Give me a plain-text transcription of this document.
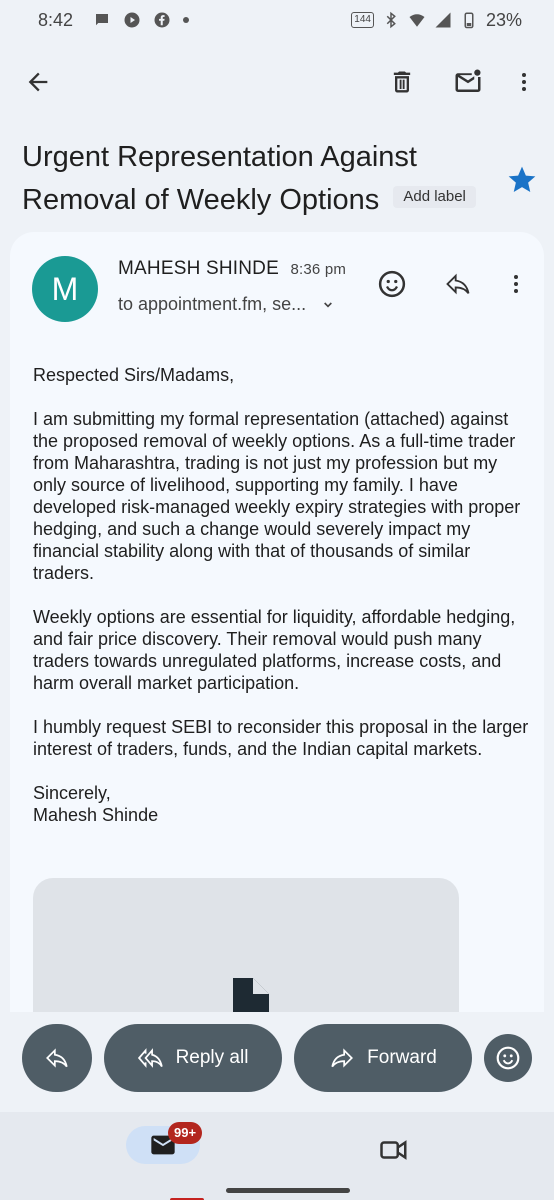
8:42	144	23%
Urgent Representation Against Removal of Weekly Options Add label
M
MAHESH SHINDE 8:36 pm
to appointment.fm, se...

Respected Sirs/Madams,

I am submitting my formal representation (attached) against the proposed removal of weekly options. As a full-time trader from Maharashtra, trading is not just my profession but my only source of livelihood, supporting my family. I have developed risk-managed weekly expiry strategies with proper hedging, and such a change would severely impact my financial stability along with that of thousands of similar traders.

Weekly options are essential for liquidity, affordable hedging, and fair price discovery. Their removal would push many traders towards unregulated platforms, increase costs, and harm overall market participation.

I humbly request SEBI to reconsider this proposal in the larger interest of traders, funds, and the Indian capital markets.

Sincerely,
Mahesh Shinde
Reply all	Forward
99+
